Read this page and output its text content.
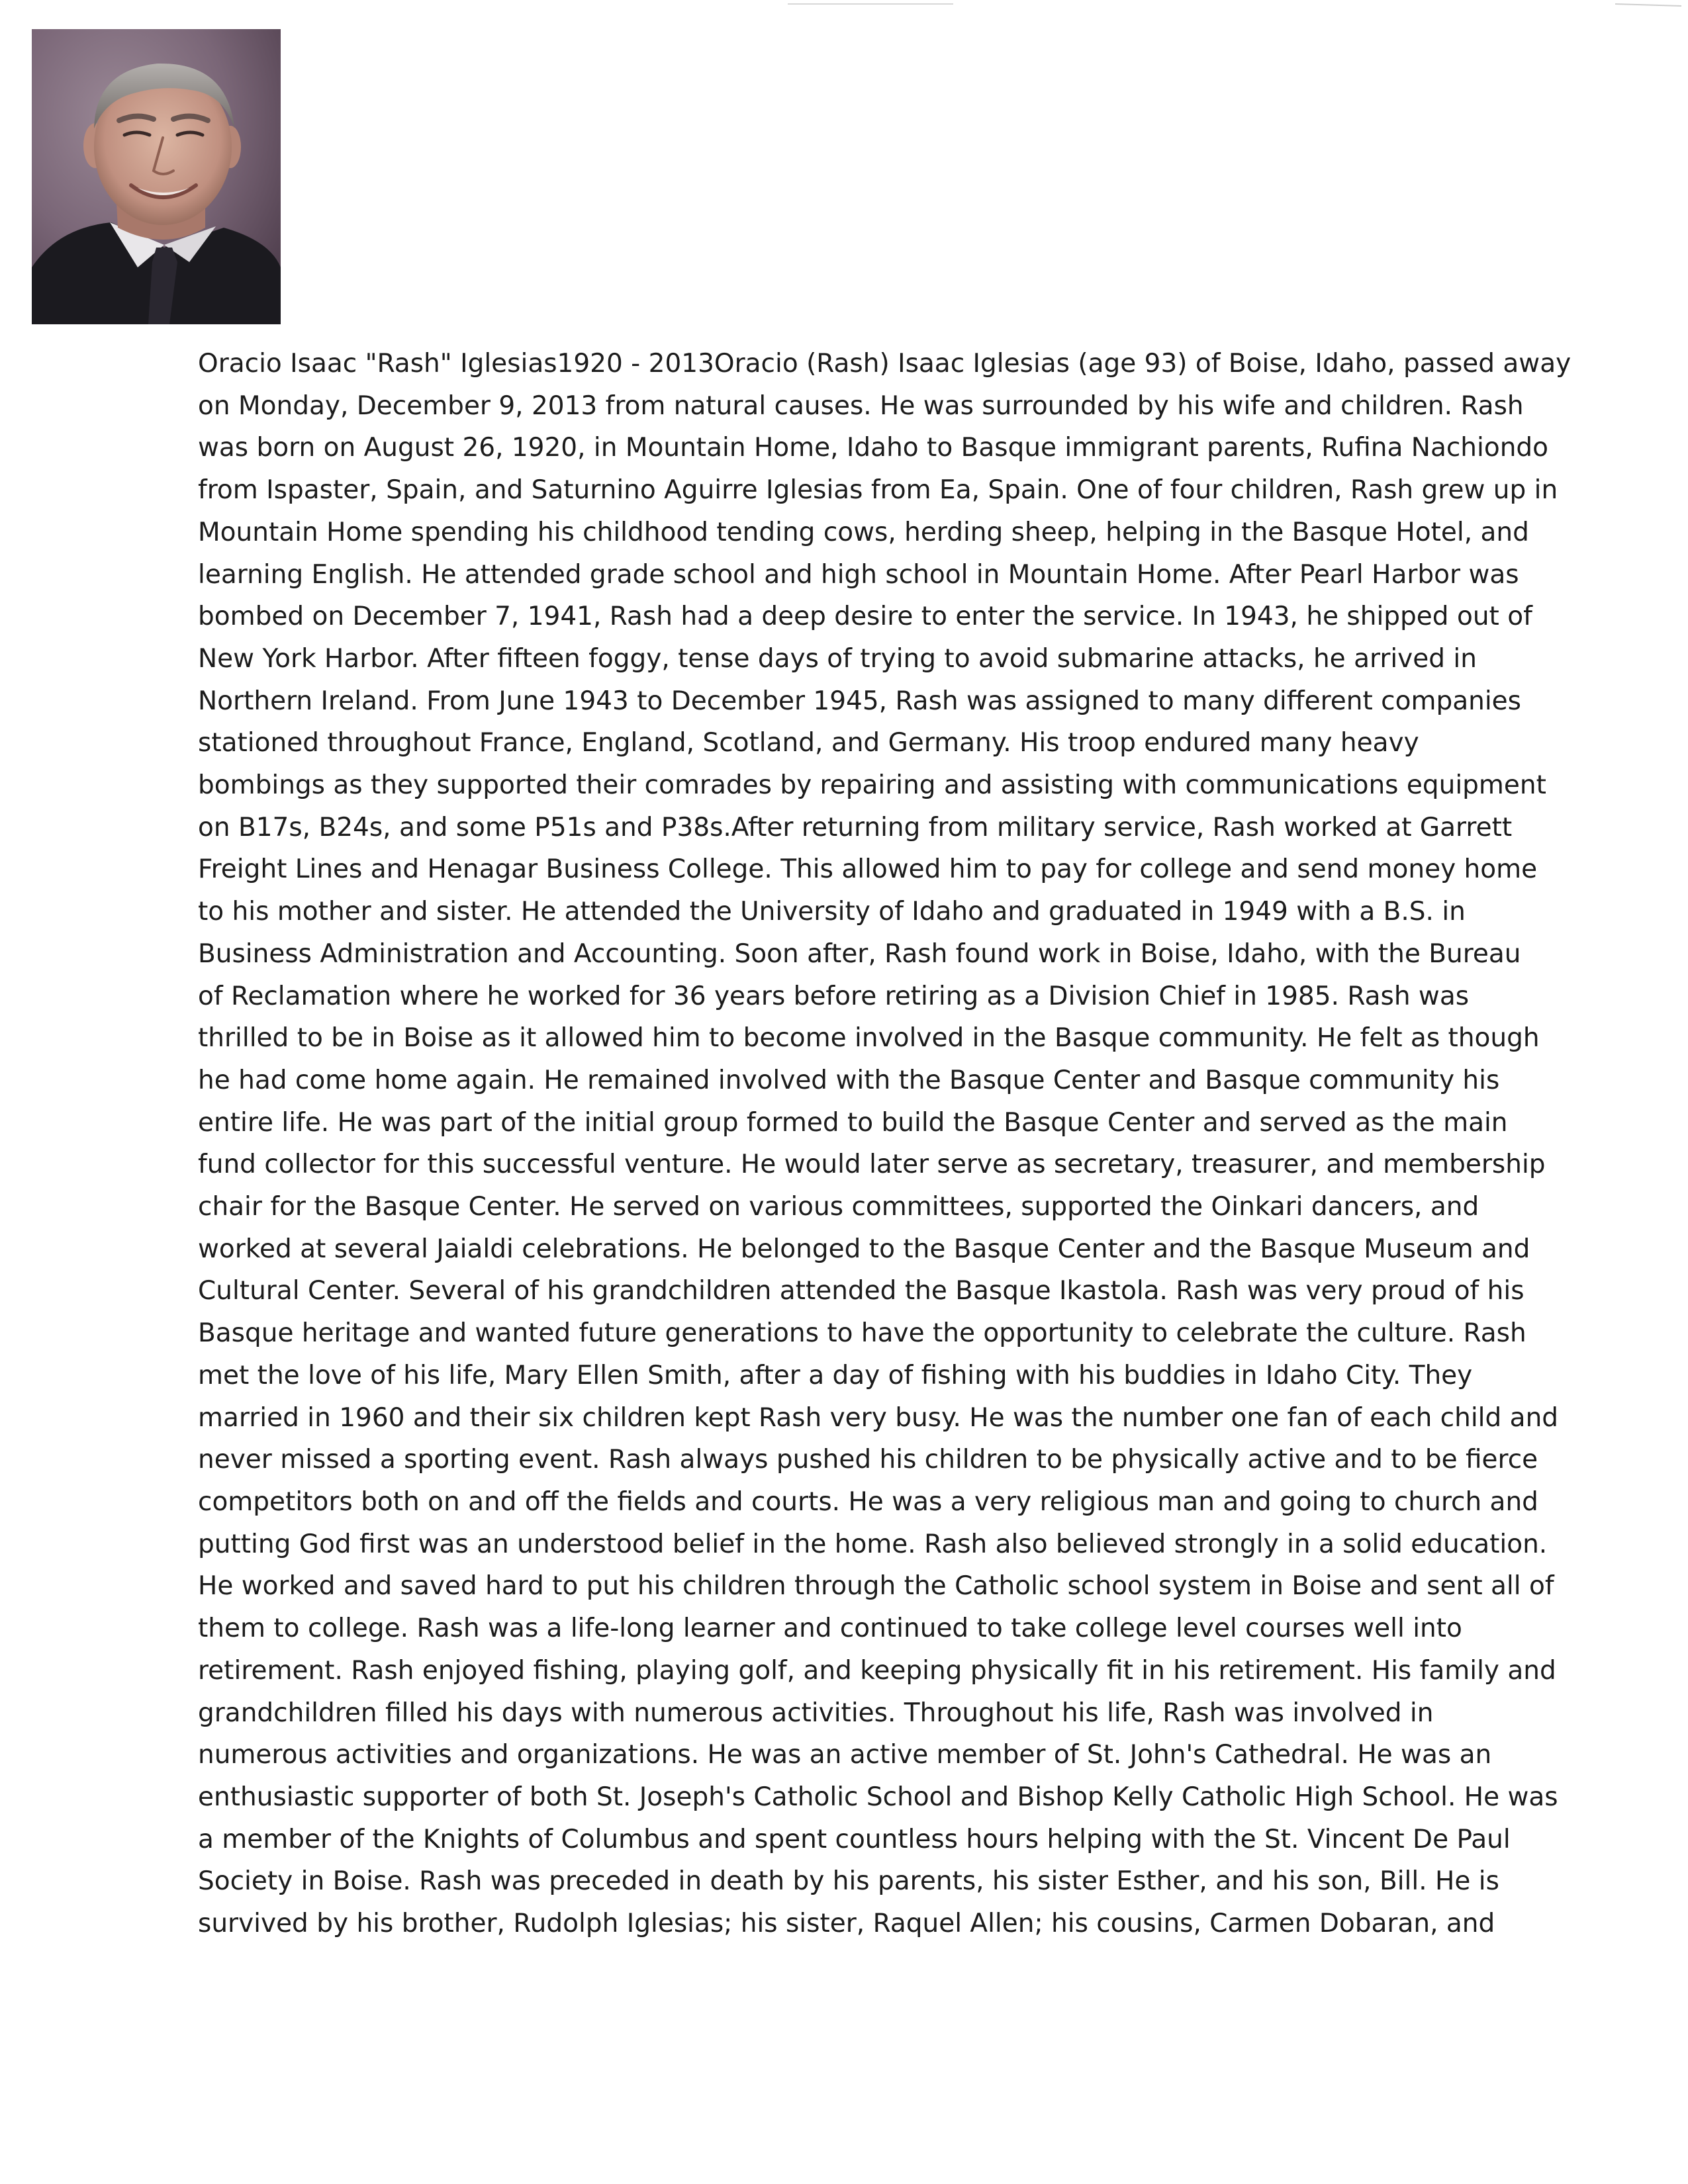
Oracio Isaac "Rash" Iglesias1920 - 2013Oracio (Rash) Isaac Iglesias (age 93) of Boise, Idaho, passed away
on Monday, December 9, 2013 from natural causes. He was surrounded by his wife and children. Rash
was born on August 26, 1920, in Mountain Home, Idaho to Basque immigrant parents, Rufina Nachiondo
from Ispaster, Spain, and Saturnino Aguirre Iglesias from Ea, Spain. One of four children, Rash grew up in
Mountain Home spending his childhood tending cows, herding sheep, helping in the Basque Hotel, and
learning English. He attended grade school and high school in Mountain Home. After Pearl Harbor was
bombed on December 7, 1941, Rash had a deep desire to enter the service. In 1943, he shipped out of
New York Harbor. After fifteen foggy, tense days of trying to avoid submarine attacks, he arrived in
Northern Ireland. From June 1943 to December 1945, Rash was assigned to many different companies
stationed throughout France, England, Scotland, and Germany. His troop endured many heavy
bombings as they supported their comrades by repairing and assisting with communications equipment
on B17s, B24s, and some P51s and P38s.After returning from military service, Rash worked at Garrett
Freight Lines and Henagar Business College. This allowed him to pay for college and send money home
to his mother and sister. He attended the University of Idaho and graduated in 1949 with a B.S. in
Business Administration and Accounting. Soon after, Rash found work in Boise, Idaho, with the Bureau
of Reclamation where he worked for 36 years before retiring as a Division Chief in 1985. Rash was
thrilled to be in Boise as it allowed him to become involved in the Basque community. He felt as though
he had come home again. He remained involved with the Basque Center and Basque community his
entire life. He was part of the initial group formed to build the Basque Center and served as the main
fund collector for this successful venture. He would later serve as secretary, treasurer, and membership
chair for the Basque Center. He served on various committees, supported the Oinkari dancers, and
worked at several Jaialdi celebrations. He belonged to the Basque Center and the Basque Museum and
Cultural Center. Several of his grandchildren attended the Basque Ikastola. Rash was very proud of his
Basque heritage and wanted future generations to have the opportunity to celebrate the culture. Rash
met the love of his life, Mary Ellen Smith, after a day of fishing with his buddies in Idaho City. They
married in 1960 and their six children kept Rash very busy. He was the number one fan of each child and
never missed a sporting event. Rash always pushed his children to be physically active and to be fierce
competitors both on and off the fields and courts. He was a very religious man and going to church and
putting God first was an understood belief in the home. Rash also believed strongly in a solid education.
He worked and saved hard to put his children through the Catholic school system in Boise and sent all of
them to college. Rash was a life-long learner and continued to take college level courses well into
retirement. Rash enjoyed fishing, playing golf, and keeping physically fit in his retirement. His family and
grandchildren filled his days with numerous activities. Throughout his life, Rash was involved in
numerous activities and organizations. He was an active member of St. John's Cathedral. He was an
enthusiastic supporter of both St. Joseph's Catholic School and Bishop Kelly Catholic High School. He was
a member of the Knights of Columbus and spent countless hours helping with the St. Vincent De Paul
Society in Boise. Rash was preceded in death by his parents, his sister Esther, and his son, Bill. He is
survived by his brother, Rudolph Iglesias; his sister, Raquel Allen; his cousins, Carmen Dobaran, and
